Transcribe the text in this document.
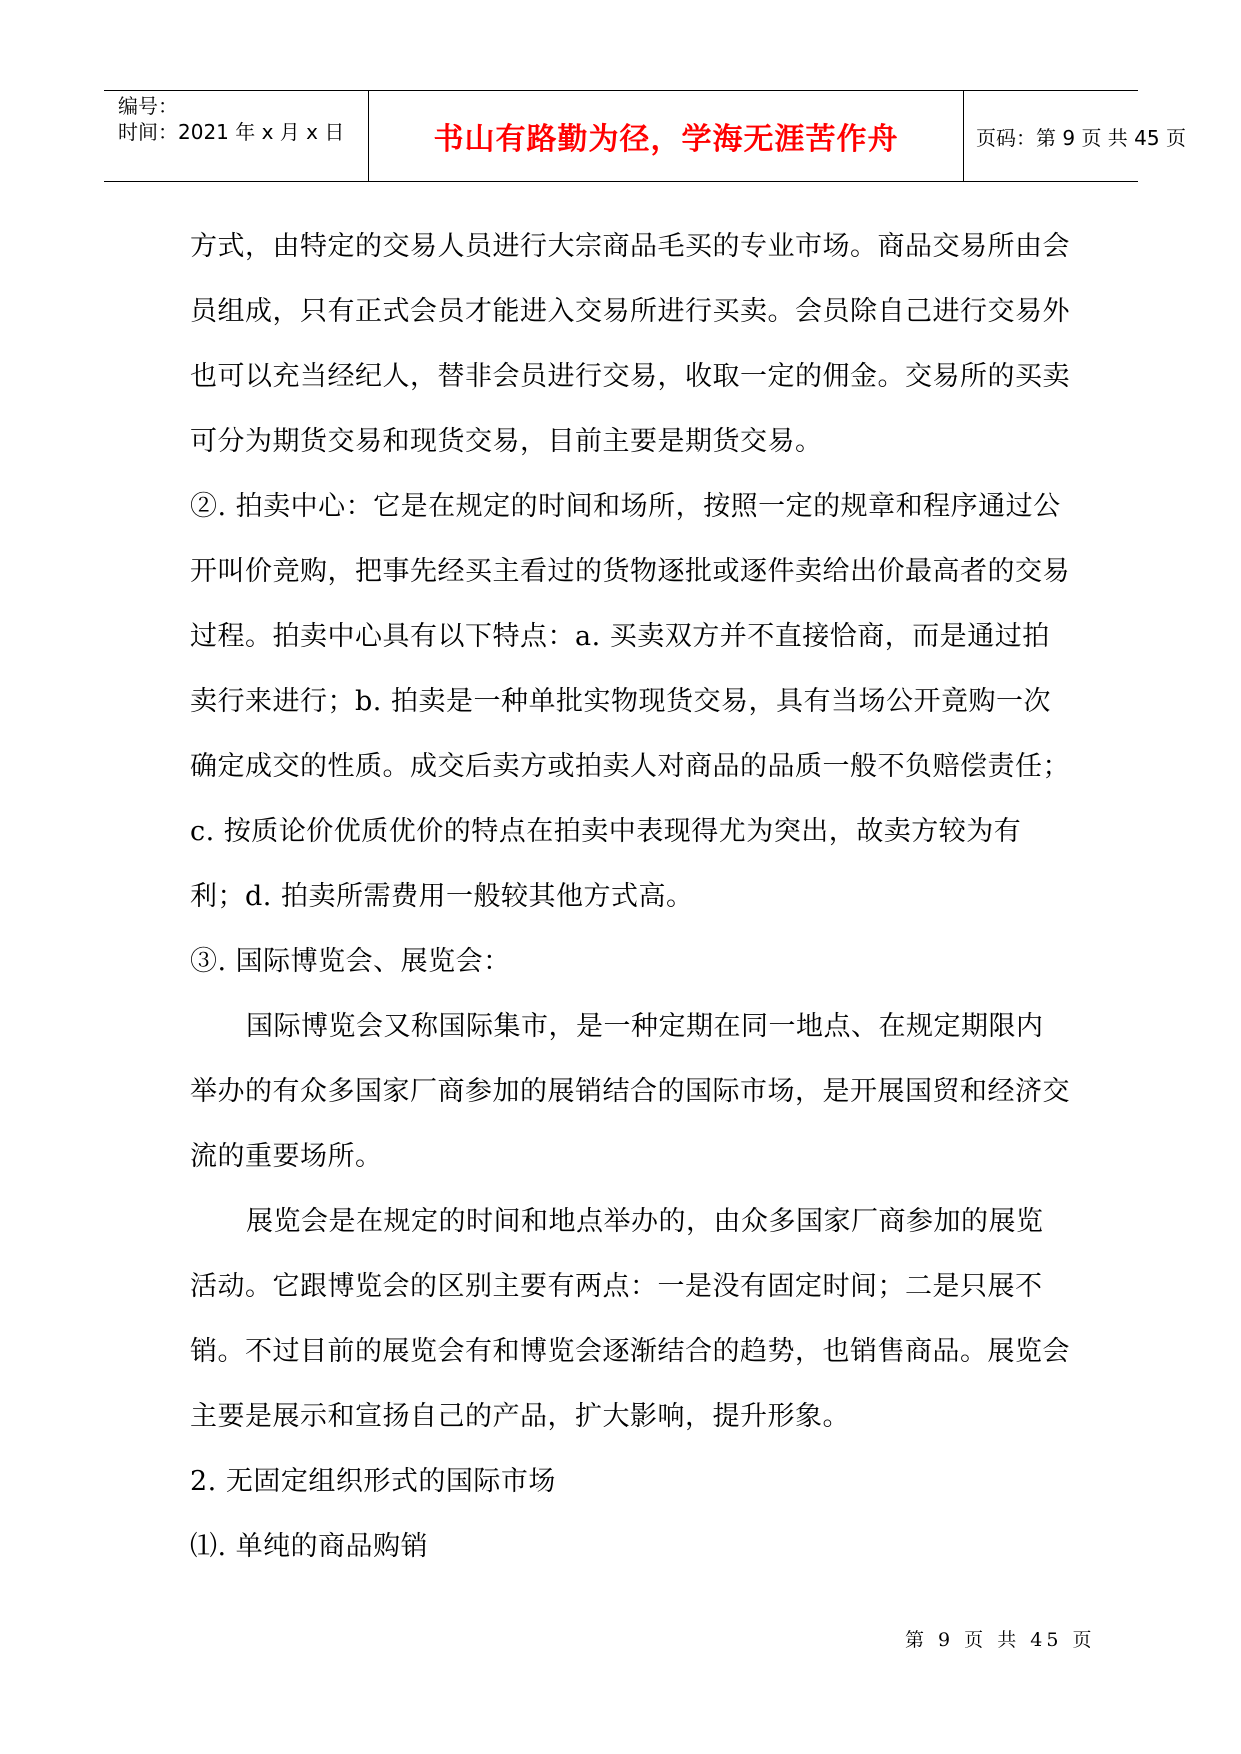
编号：
时间：2021 年 x 月 x 日	书山有路勤为径，学海无涯苦作舟	页码：第 9 页 共 45 页

方式，由特定的交易人员进行大宗商品毛买的专业市场。商品交易所由会员组成，只有正式会员才能进入交易所进行买卖。会员除自己进行交易外也可以充当经纪人，替非会员进行交易，收取一定的佣金。交易所的买卖可分为期货交易和现货交易，目前主要是期货交易。

②. 拍卖中心：它是在规定的时间和场所，按照一定的规章和程序通过公开叫价竞购，把事先经买主看过的货物逐批或逐件卖给出价最高者的交易过程。拍卖中心具有以下特点：a. 买卖双方并不直接恰商，而是通过拍卖行来进行；b. 拍卖是一种单批实物现货交易，具有当场公开竟购一次确定成交的性质。成交后卖方或拍卖人对商品的品质一般不负赔偿责任；c. 按质论价优质优价的特点在拍卖中表现得尤为突出，故卖方较为有利；d. 拍卖所需费用一般较其他方式高。

③. 国际博览会、展览会：

国际博览会又称国际集市，是一种定期在同一地点、在规定期限内举办的有众多国家厂商参加的展销结合的国际市场，是开展国贸和经济交流的重要场所。

展览会是在规定的时间和地点举办的，由众多国家厂商参加的展览活动。它跟博览会的区别主要有两点：一是没有固定时间；二是只展不销。不过目前的展览会有和博览会逐渐结合的趋势，也销售商品。展览会主要是展示和宣扬自己的产品，扩大影响，提升形象。

2. 无固定组织形式的国际市场

⑴. 单纯的商品购销

第 9 页 共 45 页
